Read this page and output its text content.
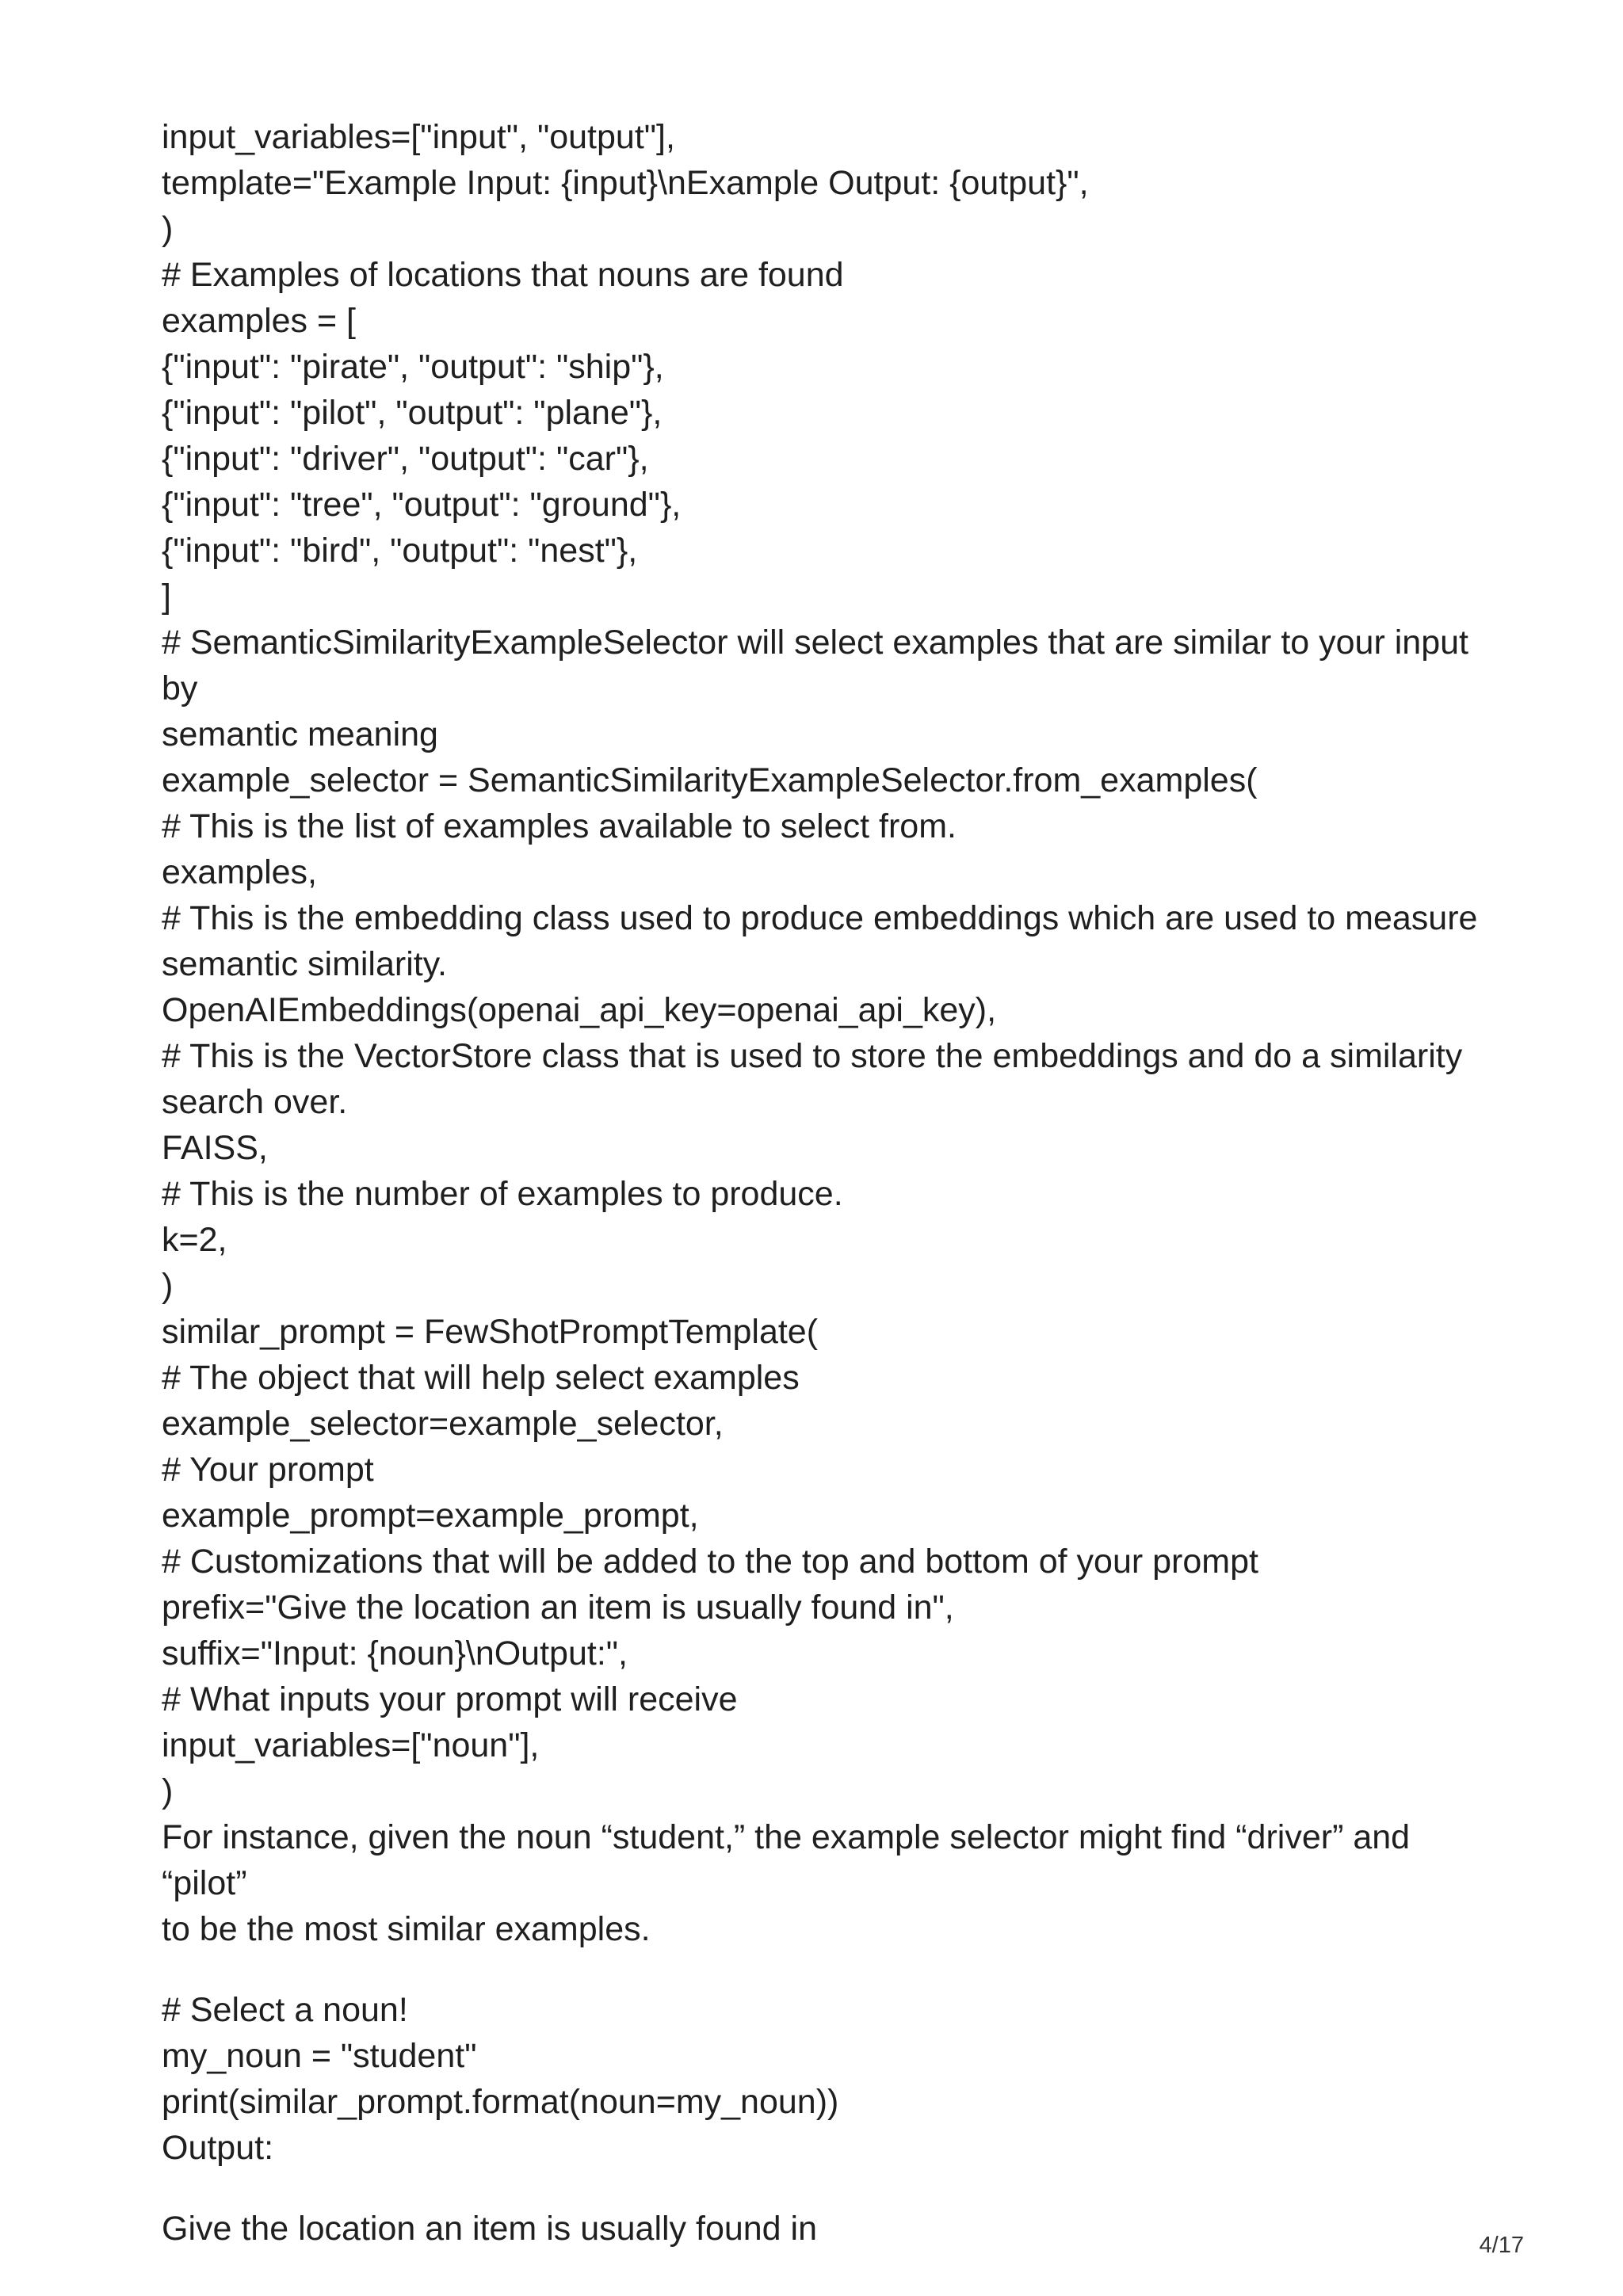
input_variables=["input", "output"],
template="Example Input: {input}\nExample Output: {output}",
)
# Examples of locations that nouns are found
examples = [
{"input": "pirate", "output": "ship"},
{"input": "pilot", "output": "plane"},
{"input": "driver", "output": "car"},
{"input": "tree", "output": "ground"},
{"input": "bird", "output": "nest"},
]
# SemanticSimilarityExampleSelector will select examples that are similar to your input by
semantic meaning
example_selector = SemanticSimilarityExampleSelector.from_examples(
# This is the list of examples available to select from.
examples,
# This is the embedding class used to produce embeddings which are used to measure
semantic similarity.
OpenAIEmbeddings(openai_api_key=openai_api_key),
# This is the VectorStore class that is used to store the embeddings and do a similarity
search over.
FAISS,
# This is the number of examples to produce.
k=2,
)
similar_prompt = FewShotPromptTemplate(
# The object that will help select examples
example_selector=example_selector,
# Your prompt
example_prompt=example_prompt,
# Customizations that will be added to the top and bottom of your prompt
prefix="Give the location an item is usually found in",
suffix="Input: {noun}\nOutput:",
# What inputs your prompt will receive
input_variables=["noun"],
)
For instance, given the noun “student,” the example selector might find “driver” and “pilot”
to be the most similar examples.
# Select a noun!
my_noun = "student"
print(similar_prompt.format(noun=my_noun))
Output:
Give the location an item is usually found in	4/17
